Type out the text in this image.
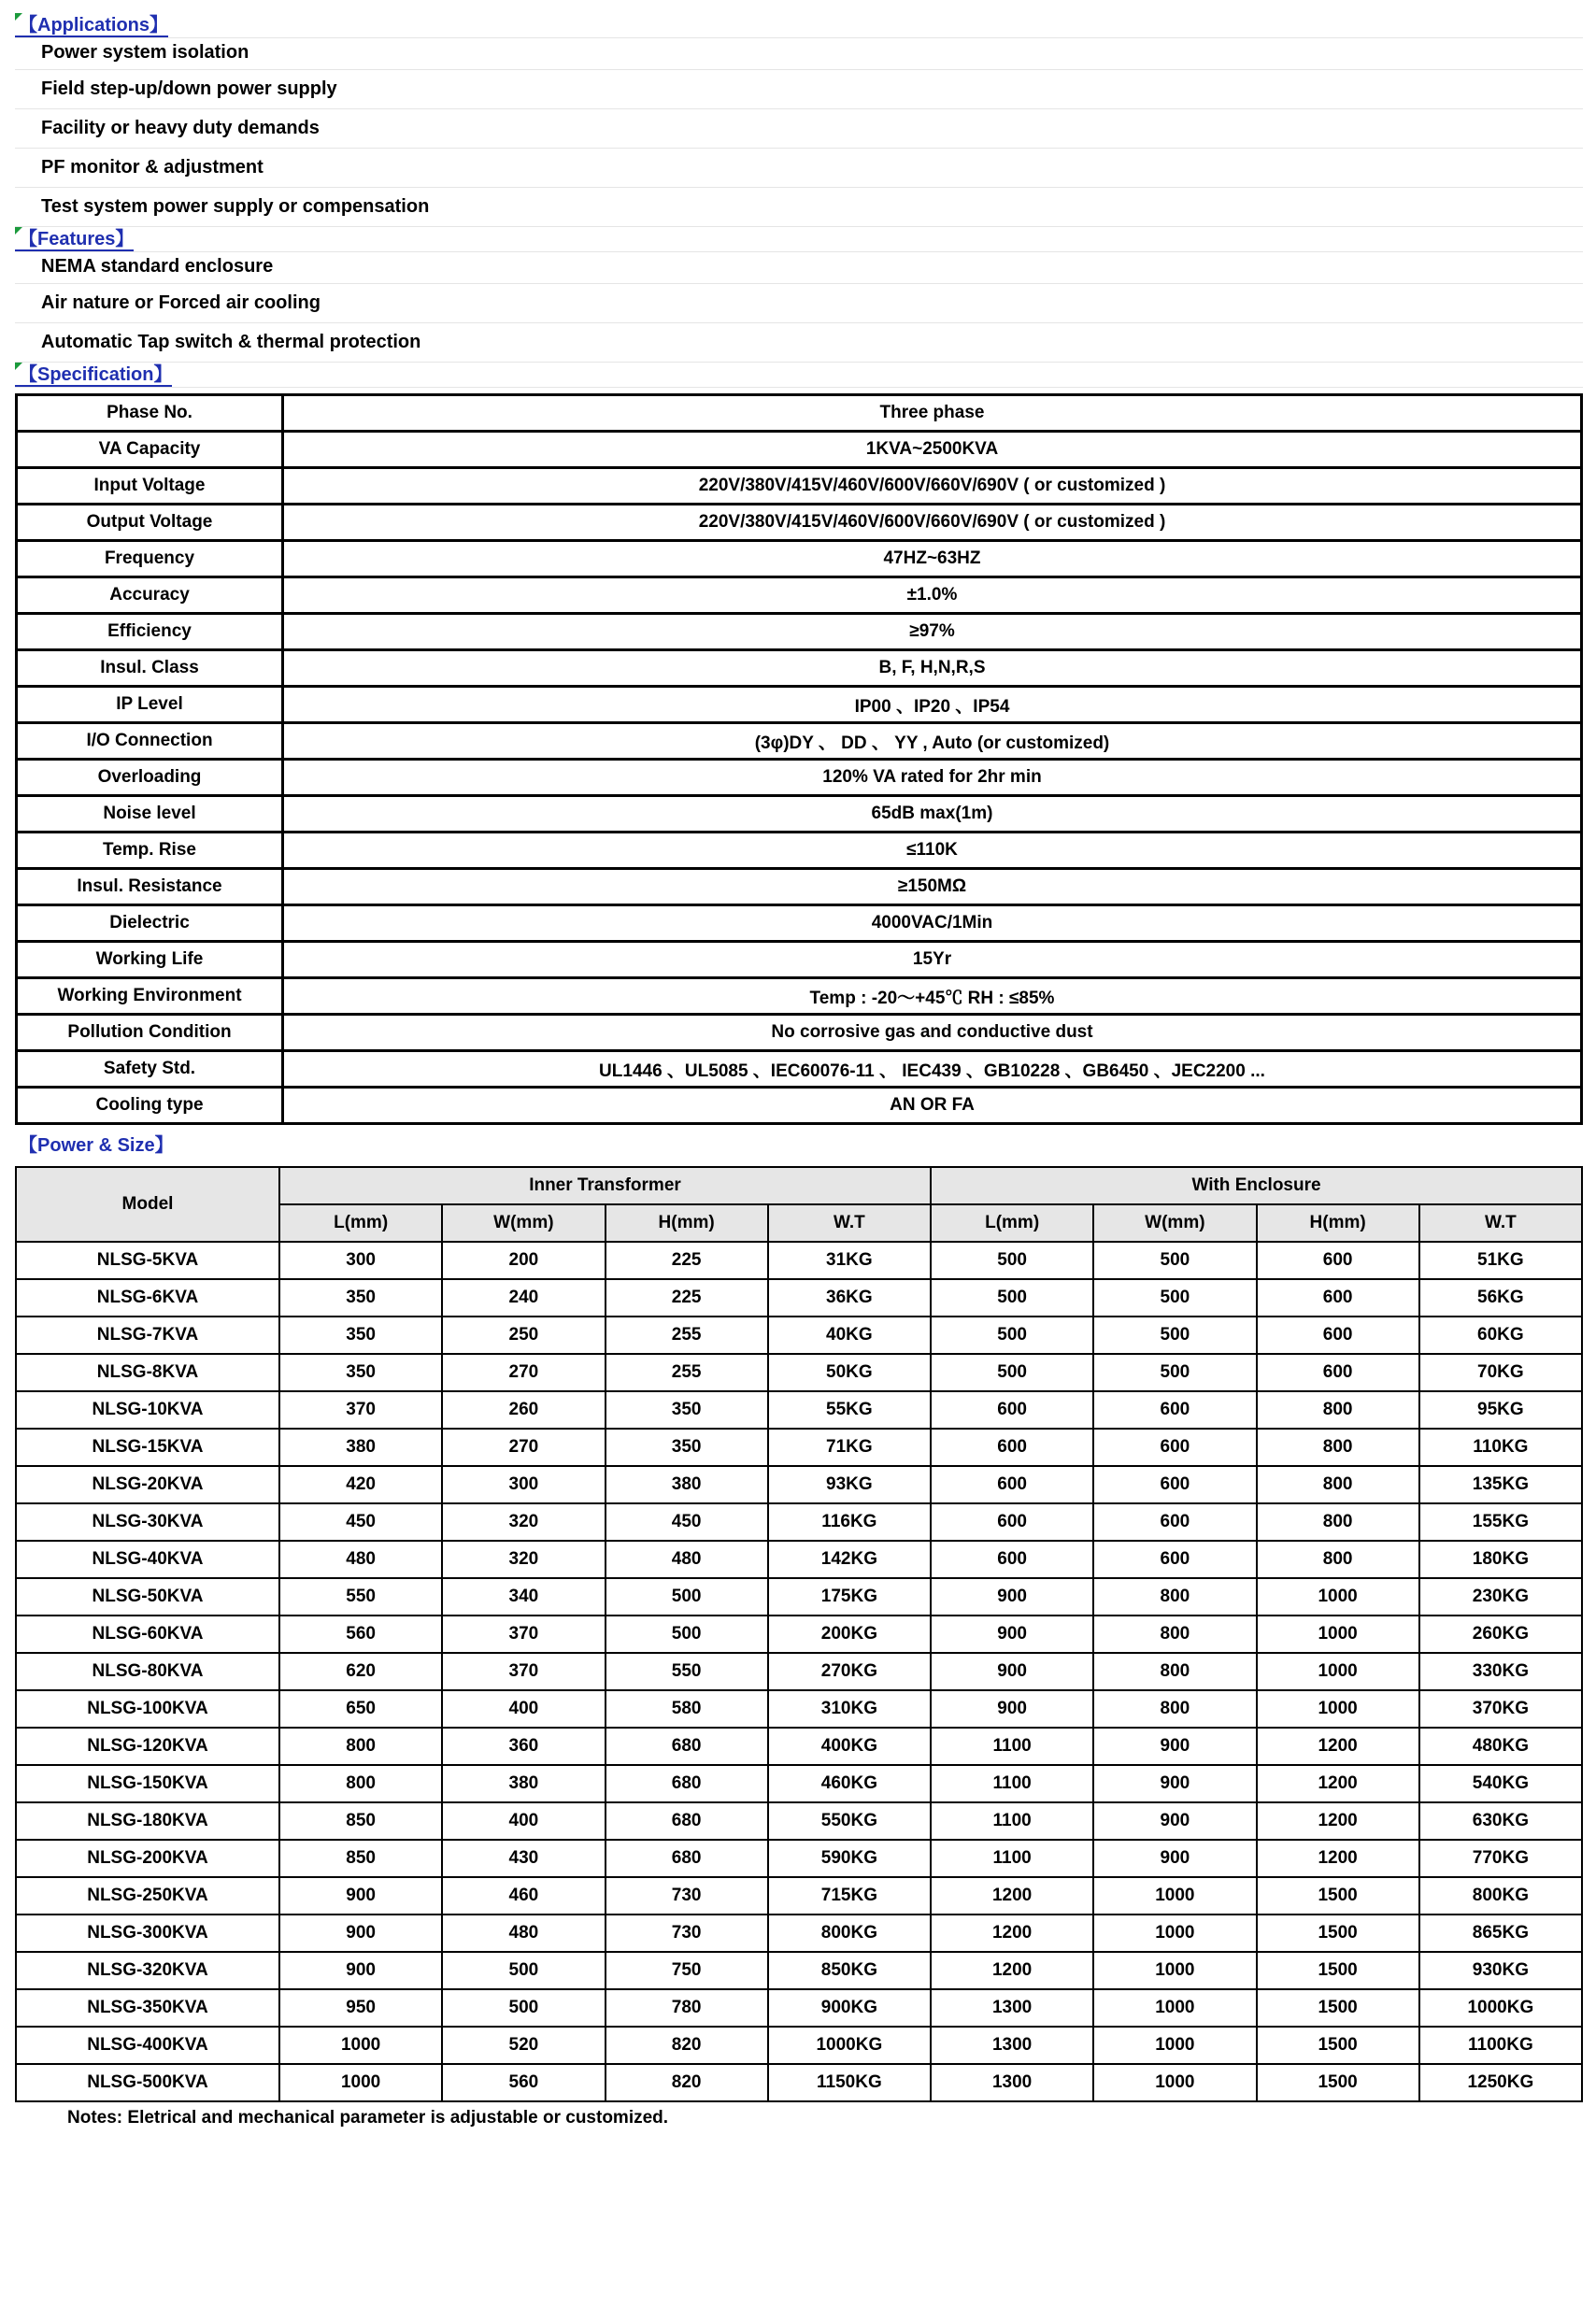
【Applications】
Power system isolation
Field step-up/down power supply
Facility or heavy duty demands
PF monitor & adjustment
Test system power supply or compensation
【Features】
NEMA standard enclosure
Air nature or Forced air cooling
Automatic Tap switch & thermal protection
【Specification】
Phase No.	Three phase
VA Capacity	1KVA~2500KVA
Input Voltage	220V/380V/415V/460V/600V/660V/690V ( or customized )
Output Voltage	220V/380V/415V/460V/600V/660V/690V ( or customized )
Frequency	47HZ~63HZ
Accuracy	±1.0%
Efficiency	≥97%
Insul. Class	B, F, H,N,R,S
IP Level	IP00 、IP20 、IP54
I/O Connection	(3φ)DY 、 DD 、 YY , Auto (or customized)
Overloading	120% VA rated for 2hr min
Noise level	65dB max(1m)
Temp. Rise	≤110K
Insul. Resistance	≥150MΩ
Dielectric	4000VAC/1Min
Working Life	15Yr
Working Environment	Temp : -20～+45℃ RH : ≤85%
Pollution Condition	No corrosive gas and conductive dust
Safety Std.	UL1446 、UL5085 、IEC60076-11 、 IEC439 、GB10228 、GB6450 、JEC2200 ...
Cooling type	AN OR FA
【Power & Size】
Model	Inner Transformer				With Enclosure			
	L(mm)	W(mm)	H(mm)	W.T	L(mm)	W(mm)	H(mm)	W.T
NLSG-5KVA	300	200	225	31KG	500	500	600	51KG
NLSG-6KVA	350	240	225	36KG	500	500	600	56KG
NLSG-7KVA	350	250	255	40KG	500	500	600	60KG
NLSG-8KVA	350	270	255	50KG	500	500	600	70KG
NLSG-10KVA	370	260	350	55KG	600	600	800	95KG
NLSG-15KVA	380	270	350	71KG	600	600	800	110KG
NLSG-20KVA	420	300	380	93KG	600	600	800	135KG
NLSG-30KVA	450	320	450	116KG	600	600	800	155KG
NLSG-40KVA	480	320	480	142KG	600	600	800	180KG
NLSG-50KVA	550	340	500	175KG	900	800	1000	230KG
NLSG-60KVA	560	370	500	200KG	900	800	1000	260KG
NLSG-80KVA	620	370	550	270KG	900	800	1000	330KG
NLSG-100KVA	650	400	580	310KG	900	800	1000	370KG
NLSG-120KVA	800	360	680	400KG	1100	900	1200	480KG
NLSG-150KVA	800	380	680	460KG	1100	900	1200	540KG
NLSG-180KVA	850	400	680	550KG	1100	900	1200	630KG
NLSG-200KVA	850	430	680	590KG	1100	900	1200	770KG
NLSG-250KVA	900	460	730	715KG	1200	1000	1500	800KG
NLSG-300KVA	900	480	730	800KG	1200	1000	1500	865KG
NLSG-320KVA	900	500	750	850KG	1200	1000	1500	930KG
NLSG-350KVA	950	500	780	900KG	1300	1000	1500	1000KG
NLSG-400KVA	1000	520	820	1000KG	1300	1000	1500	1100KG
NLSG-500KVA	1000	560	820	1150KG	1300	1000	1500	1250KG
Notes: Eletrical and mechanical parameter is adjustable or customized.
